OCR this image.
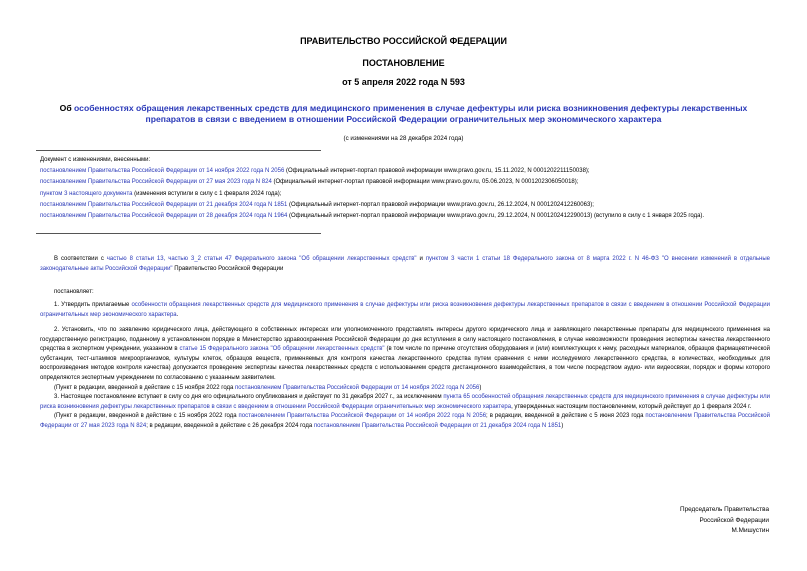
ПРАВИТЕЛЬСТВО РОССИЙСКОЙ ФЕДЕРАЦИИ
ПОСТАНОВЛЕНИЕ
от 5 апреля 2022 года N 593
Об особенностях обращения лекарственных средств для медицинского применения в случае дефектуры или риска возникновения дефектуры лекарственных препаратов в связи с введением в отношении Российской Федерации ограничительных мер экономического характера
(с изменениями на 28 декабря 2024 года)
Документ с изменениями, внесенными:
постановлением Правительства Российской Федерации от 14 ноября 2022 года N 2056 (Официальный интернет-портал правовой информации www.pravo.gov.ru, 15.11.2022, N 0001202211150038);
постановлением Правительства Российской Федерации от 27 мая 2023 года N 824 (Официальный интернет-портал правовой информации www.pravo.gov.ru, 05.06.2023, N 0001202306050018);
пунктом 3 настоящего документа (изменения вступили в силу с 1 февраля 2024 года);
постановлением Правительства Российской Федерации от 21 декабря 2024 года N 1851 (Официальный интернет-портал правовой информации www.pravo.gov.ru, 26.12.2024, N 0001202412260063);
постановлением Правительства Российской Федерации от 28 декабря 2024 года N 1964 (Официальный интернет-портал правовой информации www.pravo.gov.ru, 29.12.2024, N 0001202412290013) (вступило в силу с 1 января 2025 года).

В соответствии с частью 8 статьи 13, частью 3_2 статьи 47 Федерального закона "Об обращении лекарственных средств" и пунктом 3 части 1 статьи 18 Федерального закона от 8 марта 2022 г. N 46-ФЗ "О внесении изменений в отдельные законодательные акты Российской Федерации" Правительство Российской Федерации

постановляет:

1. Утвердить прилагаемые особенности обращения лекарственных средств для медицинского применения в случае дефектуры или риска возникновения дефектуры лекарственных препаратов в связи с введением в отношении Российской Федерации ограничительных мер экономического характера.

2. Установить, что по заявлению юридического лица, действующего в собственных интересах или уполномоченного представлять интересы другого юридического лица и заявляющего лекарственные препараты для медицинского применения на государственную регистрацию, поданному в установленном порядке в Министерство здравоохранения Российской Федерации до дня вступления в силу настоящего постановления, в случае невозможности проведения экспертизы качества лекарственного средства в экспертном учреждении, указанном в статье 15 Федерального закона "Об обращении лекарственных средств" (в том числе по причине отсутствия оборудования и (или) комплектующих к нему, расходных материалов, образцов фармацевтической субстанции, тест-штаммов микроорганизмов, культуры клеток, образцов веществ, применяемых для контроля качества лекарственного средства путем сравнения с ними исследуемого лекарственного средства, в количествах, необходимых для воспроизведения методов контроля качества) допускается проведение экспертизы качества лекарственных средств с использованием средств дистанционного взаимодействия, в том числе посредством аудио- или видеосвязи, порядок и формы которого определяются экспертным учреждением по согласованию с указанным заявителем.

(Пункт в редакции, введенной в действие с 15 ноября 2022 года постановлением Правительства Российской Федерации от 14 ноября 2022 года N 2056)

3. Настоящее постановление вступает в силу со дня его официального опубликования и действует по 31 декабря 2027 г., за исключением пункта 65 особенностей обращения лекарственных средств для медицинского применения в случае дефектуры или риска возникновения дефектуры лекарственных препаратов в связи с введением в отношении Российской Федерации ограничительных мер экономического характера, утвержденных настоящим постановлением, который действует до 1 февраля 2024 г.

(Пункт в редакции, введенной в действие с 15 ноября 2022 года постановлением Правительства Российской Федерации от 14 ноября 2022 года N 2056; в редакции, введенной в действие с 5 июня 2023 года постановлением Правительства Российской Федерации от 27 мая 2023 года N 824; в редакции, введенной в действие с 26 декабря 2024 года постановлением Правительства Российской Федерации от 21 декабря 2024 года N 1851)

Председатель Правительства
Российской Федерации
М.Мишустин
